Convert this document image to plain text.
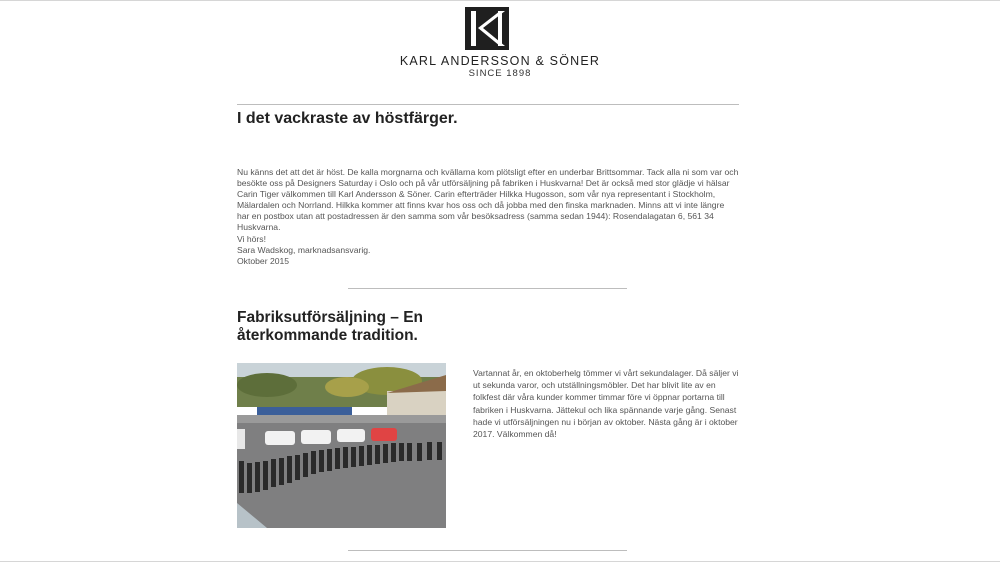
KARL ANDERSSON & SÖNER
SINCE 1898
I det vackraste av höstfärger.

Nu känns det att det är höst. De kalla morgnarna och kvällarna kom plötsligt efter en underbar Brittsommar. Tack alla ni som var och

besökte oss på Designers Saturday i Oslo och på vår utförsäljning på fabriken i Huskvarna! Det är också med stor glädje vi hälsar

Carin Tiger välkommen till Karl Andersson & Söner. Carin efterträder Hilkka Hugosson, som vår nya representant i Stockholm,

Mälardalen och Norrland. Hilkka kommer att finns kvar hos oss och då jobba med den finska marknaden. Minns att vi inte längre

har en postbox utan att postadressen är den samma som vår besöksadress (samma sedan 1944): Rosendalagatan 6, 561 34

Huskvarna.

Vi hörs!

Sara Wadskog, marknadsansvarig.

Oktober 2015

Fabriksutförsäljning – En återkommande tradition.
Vartannat år, en oktoberhelg tömmer vi vårt sekundalager. Då säljer vi
ut sekunda varor, och utställningsmöbler. Det har blivit lite av en
folkfest där våra kunder kommer timmar före vi öppnar portarna till
fabriken i Huskvarna. Jättekul och lika spännande varje gång. Senast
hade vi utförsäljningen nu i början av oktober. Nästa gång är i oktober
2017. Välkommen då!
